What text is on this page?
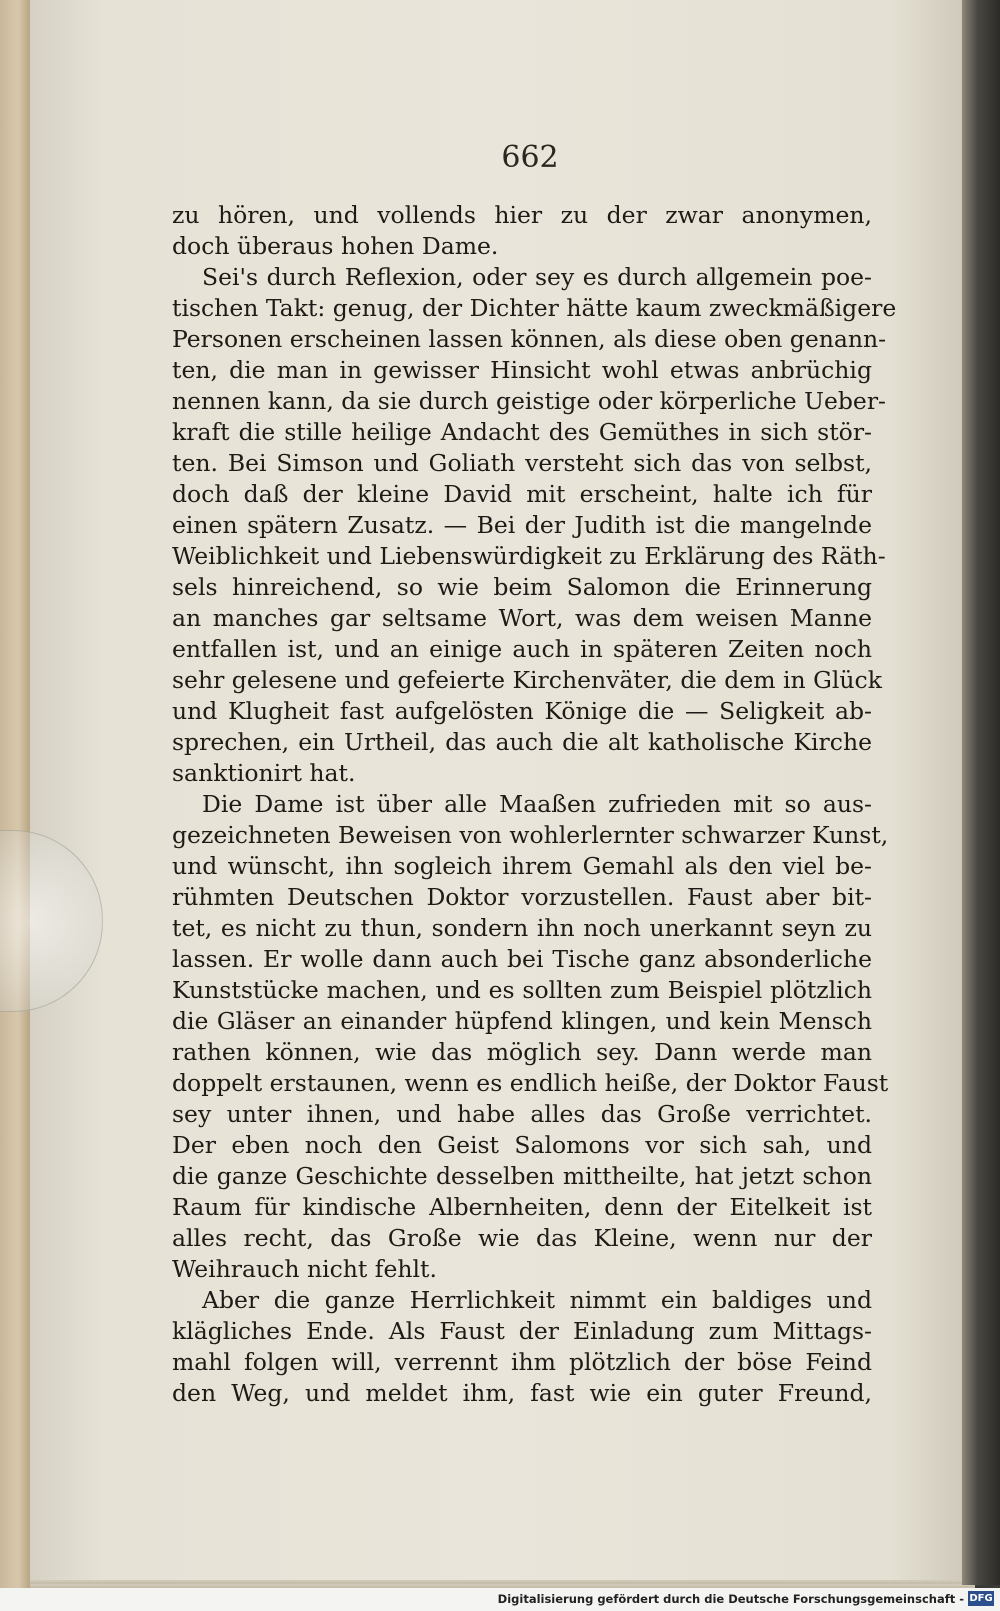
662
zu hören, und vollends hier zu der zwar anonymen,
doch überaus hohen Dame.
Sei's durch Reflexion, oder sey es durch allgemein poe-
tischen Takt: genug, der Dichter hätte kaum zweckmäßigere
Personen erscheinen lassen können, als diese oben genann-
ten, die man in gewisser Hinsicht wohl etwas anbrüchig
nennen kann, da sie durch geistige oder körperliche Ueber-
kraft die stille heilige Andacht des Gemüthes in sich stör-
ten. Bei Simson und Goliath versteht sich das von selbst,
doch daß der kleine David mit erscheint, halte ich für
einen spätern Zusatz. — Bei der Judith ist die mangelnde
Weiblichkeit und Liebenswürdigkeit zu Erklärung des Räth-
sels hinreichend, so wie beim Salomon die Erinnerung
an manches gar seltsame Wort, was dem weisen Manne
entfallen ist, und an einige auch in späteren Zeiten noch
sehr gelesene und gefeierte Kirchenväter, die dem in Glück
und Klugheit fast aufgelösten Könige die — Seligkeit ab-
sprechen, ein Urtheil, das auch die alt katholische Kirche
sanktionirt hat.
Die Dame ist über alle Maaßen zufrieden mit so aus-
gezeichneten Beweisen von wohlerlernter schwarzer Kunst,
und wünscht, ihn sogleich ihrem Gemahl als den viel be-
rühmten Deutschen Doktor vorzustellen. Faust aber bit-
tet, es nicht zu thun, sondern ihn noch unerkannt seyn zu
lassen. Er wolle dann auch bei Tische ganz absonderliche
Kunststücke machen, und es sollten zum Beispiel plötzlich
die Gläser an einander hüpfend klingen, und kein Mensch
rathen können, wie das möglich sey. Dann werde man
doppelt erstaunen, wenn es endlich heiße, der Doktor Faust
sey unter ihnen, und habe alles das Große verrichtet.
Der eben noch den Geist Salomons vor sich sah, und
die ganze Geschichte desselben mittheilte, hat jetzt schon
Raum für kindische Albernheiten, denn der Eitelkeit ist
alles recht, das Große wie das Kleine, wenn nur der
Weihrauch nicht fehlt.
Aber die ganze Herrlichkeit nimmt ein baldiges und
klägliches Ende. Als Faust der Einladung zum Mittags-
mahl folgen will, verrennt ihm plötzlich der böse Feind
den Weg, und meldet ihm, fast wie ein guter Freund,
Digitalisierung gefördert durch die Deutsche Forschungsgemeinschaft - DFG
